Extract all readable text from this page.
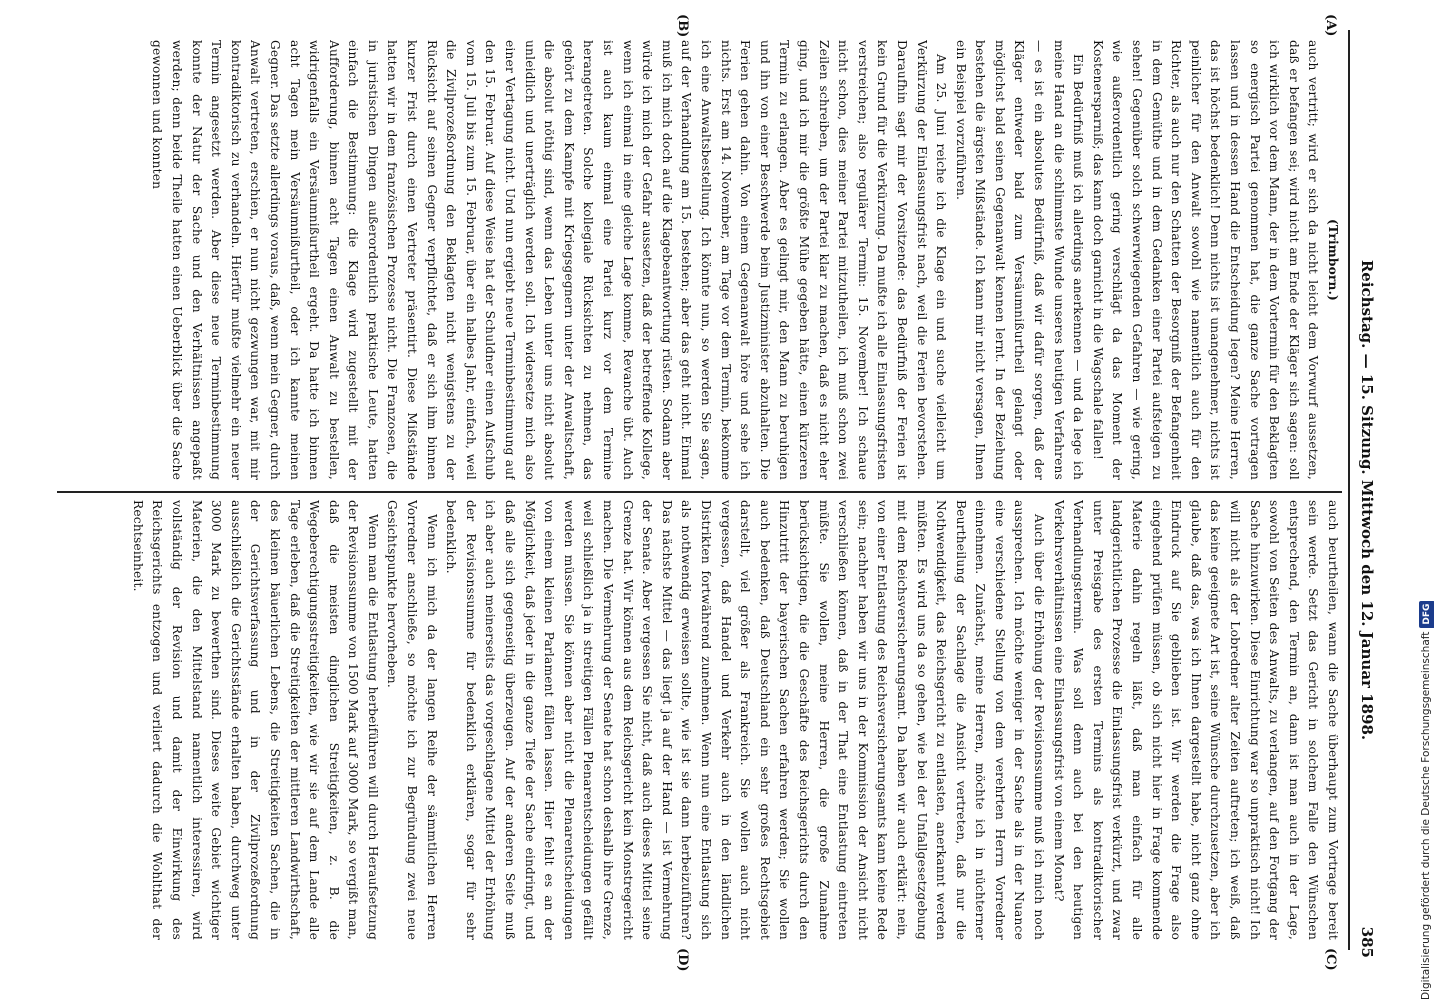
Reichstag. — 15. Sitzung. Mittwoch den 12. Januar 1898.
385
(A)
(B)
(C)
(D)

(Trimborn.)

auch vertritt; wird er sich da nicht leicht dem Vorwurf aussetzen, daß er befangen sei; wird nicht am Ende der Kläger sich sagen: soll ich wirklich vor dem Mann, der in dem Vortermin für den Beklagten so energisch Partei genommen hat, die ganze Sache vortragen lassen und in dessen Hand die Entscheidung legen? Meine Herren, das ist höchst bedenklich! Denn nichts ist unangenehmer, nichts ist peinlicher für den Anwalt sowohl wie namentlich auch für den Richter, als auch nur den Schatten der Besorgniß der Befangenheit in dem Gemüthe und in dem Gedanken einer Partei aufsteigen zu sehen! Gegenüber solch schwerwiegenden Gefahren — wie gering, wie außerordentlich gering verschlägt da das Moment der Kostenersparniß; das kann doch garnicht in die Wagschale fallen!

Ein Bedürfniß muß ich allerdings anerkennen — und da lege ich meine Hand an die schlimmste Wunde unseres heutigen Verfahrens — es ist ein absolutes Bedürfniß, daß wir dafür sorgen, daß der Kläger entweder bald zum Versäumnißurtheil gelangt oder möglichst bald seinen Gegenanwalt kennen lernt. In der Beziehung bestehen die ärgsten Mißstände. Ich kann mir nicht versagen, Ihnen ein Beispiel vorzuführen.

Am 25. Juni reiche ich die Klage ein und suche vielleicht um Verkürzung der Einlassungsfrist nach, weil die Ferien bevorstehen. Daraufhin sagt mir der Vorsitzende: das Bedürfniß der Ferien ist kein Grund für die Verkürzung. Da mußte ich alle Einlassungsfristen verstreichen; also regulärer Termin: 15. November! Ich schaue nicht schon, dies meiner Partei mitzutheilen, ich muß schon zwei Zeilen schreiben, um der Partei klar zu machen, daß es nicht eher ging, und ich mir die größte Mühe gegeben hätte, einen kürzeren Termin zu erlangen. Aber es gelingt mir, den Mann zu beruhigen und ihn von einer Beschwerde beim Justizminister abzuhalten. Die Ferien gehen dahin. Von einem Gegenanwalt höre und sehe ich nichts. Erst am 14. November, am Tage vor dem Termin, bekomme ich eine Anwaltsbestellung. Ich könnte nun, so werden Sie sagen, auf der Verhandlung am 15. bestehen; aber das geht nicht. Einmal muß ich mich doch auf die Klagebeantwortung rüsten. Sodann aber würde ich mich der Gefahr aussetzen, daß der betreffende Kollege, wenn ich einmal in eine gleiche Lage komme, Revanche übt. Auch ist auch kaum einmal eine Partei kurz vor dem Termine herangetreten. Solche kollegiale Rücksichten zu nehmen, das gehört zu dem Kampfe mit Kriegsgegnern unter der Anwaltschaft, die absolut nöthig sind, wenn das Leben unter uns nicht absolut unleidlich und unerträglich werden soll. Ich widersetze mich also einer Vertagung nicht. Und nun ergiebt neue Terminbestimmung auf den 15. Februar. Auf diese Weise hat der Schuldner einen Aufschub vom 15. Juli bis zum 15. Februar, über ein halbes Jahr, einfach, weil die Zivilprozeßordnung den Beklagten nicht wenigstens zu der Rücksicht auf seinen Gegner verpflichtet, daß er sich ihm binnen kurzer Frist durch einen Vertreter präsentirt. Diese Mißstände hatten wir in dem französischen Prozesse nicht. Die Franzosen, die in juristischen Dingen außerordentlich praktische Leute, hatten einfach die Bestimmung: die Klage wird zugestellt mit der Aufforderung, binnen acht Tagen einen Anwalt zu bestellen, widrigenfalls ein Versäumnißurtheil ergeht. Da hatte ich binnen acht Tagen mein Versäumnißurtheil, oder ich kannte meinen Gegner. Das setzte allerdings voraus, daß, wenn mein Gegner, durch Anwalt vertreten, erschien, er nun nicht gezwungen war, mit mir kontradiktorisch zu verhandeln. Hierfür mußte vielmehr ein neuer Termin angesetzt werden. Aber diese neue Terminbestimmung konnte der Natur der Sache und den Verhältnissen angepaßt werden; denn beide Theile hatten einen Ueberblick über die Sache gewonnen und konnten

auch beurtheilen, wann die Sache überhaupt zum Vortrage bereit sein werde. Setzt das Gericht in solchem Falle den Wünschen entsprechend, den Termin an, dann ist man auch in der Lage, sowohl von Seiten des Anwalts, zu verlangen, auf den Fortgang der Sache hinzuwirken. Diese Einrichtung war so unpraktisch nicht! Ich will nicht als der Lobredner alter Zeiten auftreten; ich weiß, daß das keine geeignete Art ist, seine Wünsche durchzusetzen, aber ich glaube, daß das, was ich Ihnen dargestellt habe, nicht ganz ohne Eindruck auf Sie geblieben ist. Wir werden die Frage also eingehend prüfen müssen, ob sich nicht hier in Frage kommende Materie dahin regeln läßt, daß man einfach für alle landgerichtlichen Prozesse die Einlassungsfrist verkürzt, und zwar unter Preisgabe des ersten Termins als kontradiktorischer Verhandlungstermin. Was soll denn auch bei den heutigen Verkehrsverhältnissen eine Einlassungsfrist von einem Monat?

Auch über die Erhöhung der Revisionssumme muß ich mich noch aussprechen. Ich möchte weniger in der Sache als in der Nuance eine verschiedene Stellung von dem verehrten Herrn Vorredner einnehmen. Zunächst, meine Herren, möchte ich in nüchterner Beurtheilung der Sachlage die Ansicht vertreten, daß nur die Nothwendigkeit, das Reichsgericht zu entlasten, anerkannt werden müßten. Es wird uns da so gehen, wie bei der Unfallgesetzgebung mit dem Reichsversicherungsamt. Da haben wir auch erklärt: nein, von einer Entlastung des Reichsversicherungsamts kann keine Rede sein; nachher haben wir uns in der Kommission der Ansicht nicht verschließen können, daß in der That eine Entlastung eintreten müßte. Sie wollen, meine Herren, die große Zunahme berücksichtigen, die die Geschäfte des Reichsgerichts durch den Hinzutritt der bayerischen Sachen erfahren werden; Sie wollen auch bedenken, daß Deutschland ein sehr großes Rechtsgebiet darstellt, viel größer als Frankreich. Sie wollen auch nicht vergessen, daß Handel und Verkehr auch in den ländlichen Distrikten fortwährend zunehmen. Wenn nun eine Entlastung sich als nothwendig erweisen sollte, wie ist sie dann herbeizuführen? Das nächste Mittel — das liegt ja auf der Hand — ist Vermehrung der Senate. Aber vergessen Sie nicht, daß auch dieses Mittel seine Grenze hat. Wir können aus dem Reichsgericht kein Monstregericht machen. Die Vermehrung der Senate hat schon deshalb ihre Grenze, weil schließlich ja in streitigen Fällen Plenarentscheidungen gefällt werden müssen. Sie können aber nicht die Plenarentscheidungen von einem kleinen Parlament fällen lassen. Hier fehlt es an der Möglichkeit, daß jeder in die ganze Tiefe der Sache eindringt, und daß alle sich gegenseitig überzeugen. Auf der anderen Seite muß ich aber auch meinerseits das vorgeschlagene Mittel der Erhöhung der Revisionssumme für bedenklich erklären, sogar für sehr bedenklich.

Wenn ich mich da der langen Reihe der sämmtlichen Herren Vorredner anschließe, so möchte ich zur Begründung zwei neue Gesichtspunkte hervorheben.

Wenn man die Entlastung herbeiführen will durch Heraufsetzung der Revisionssumme von 1500 Mark auf 3000 Mark, so vergißt man, daß die meisten dinglichen Streitigkeiten, z. B. die Wegeberechtigungsstreitigkeiten, wie wir sie auf dem Lande alle Tage erleben, daß die Streitigkeiten der mittleren Landwirthschaft, des kleinen bäuerlichen Lebens, die Streitigkeiten Sachen, die in der Gerichtsverfassung und in der Zivilprozeßordnung ausschließlich die Gerichtsstände erhalten haben, durchweg unter 3000 Mark zu bewerthen sind. Dieses weite Gebiet wichtiger Materien, die den Mittelstand namentlich interessiren, wird vollständig der Revision und damit der Einwirkung des Reichsgerichts entzogen und verliert dadurch die Wohlthat der Rechtseinheit.

Digitalisierung gefördert durch die Deutsche ForschungsgemeinschaftDFG
